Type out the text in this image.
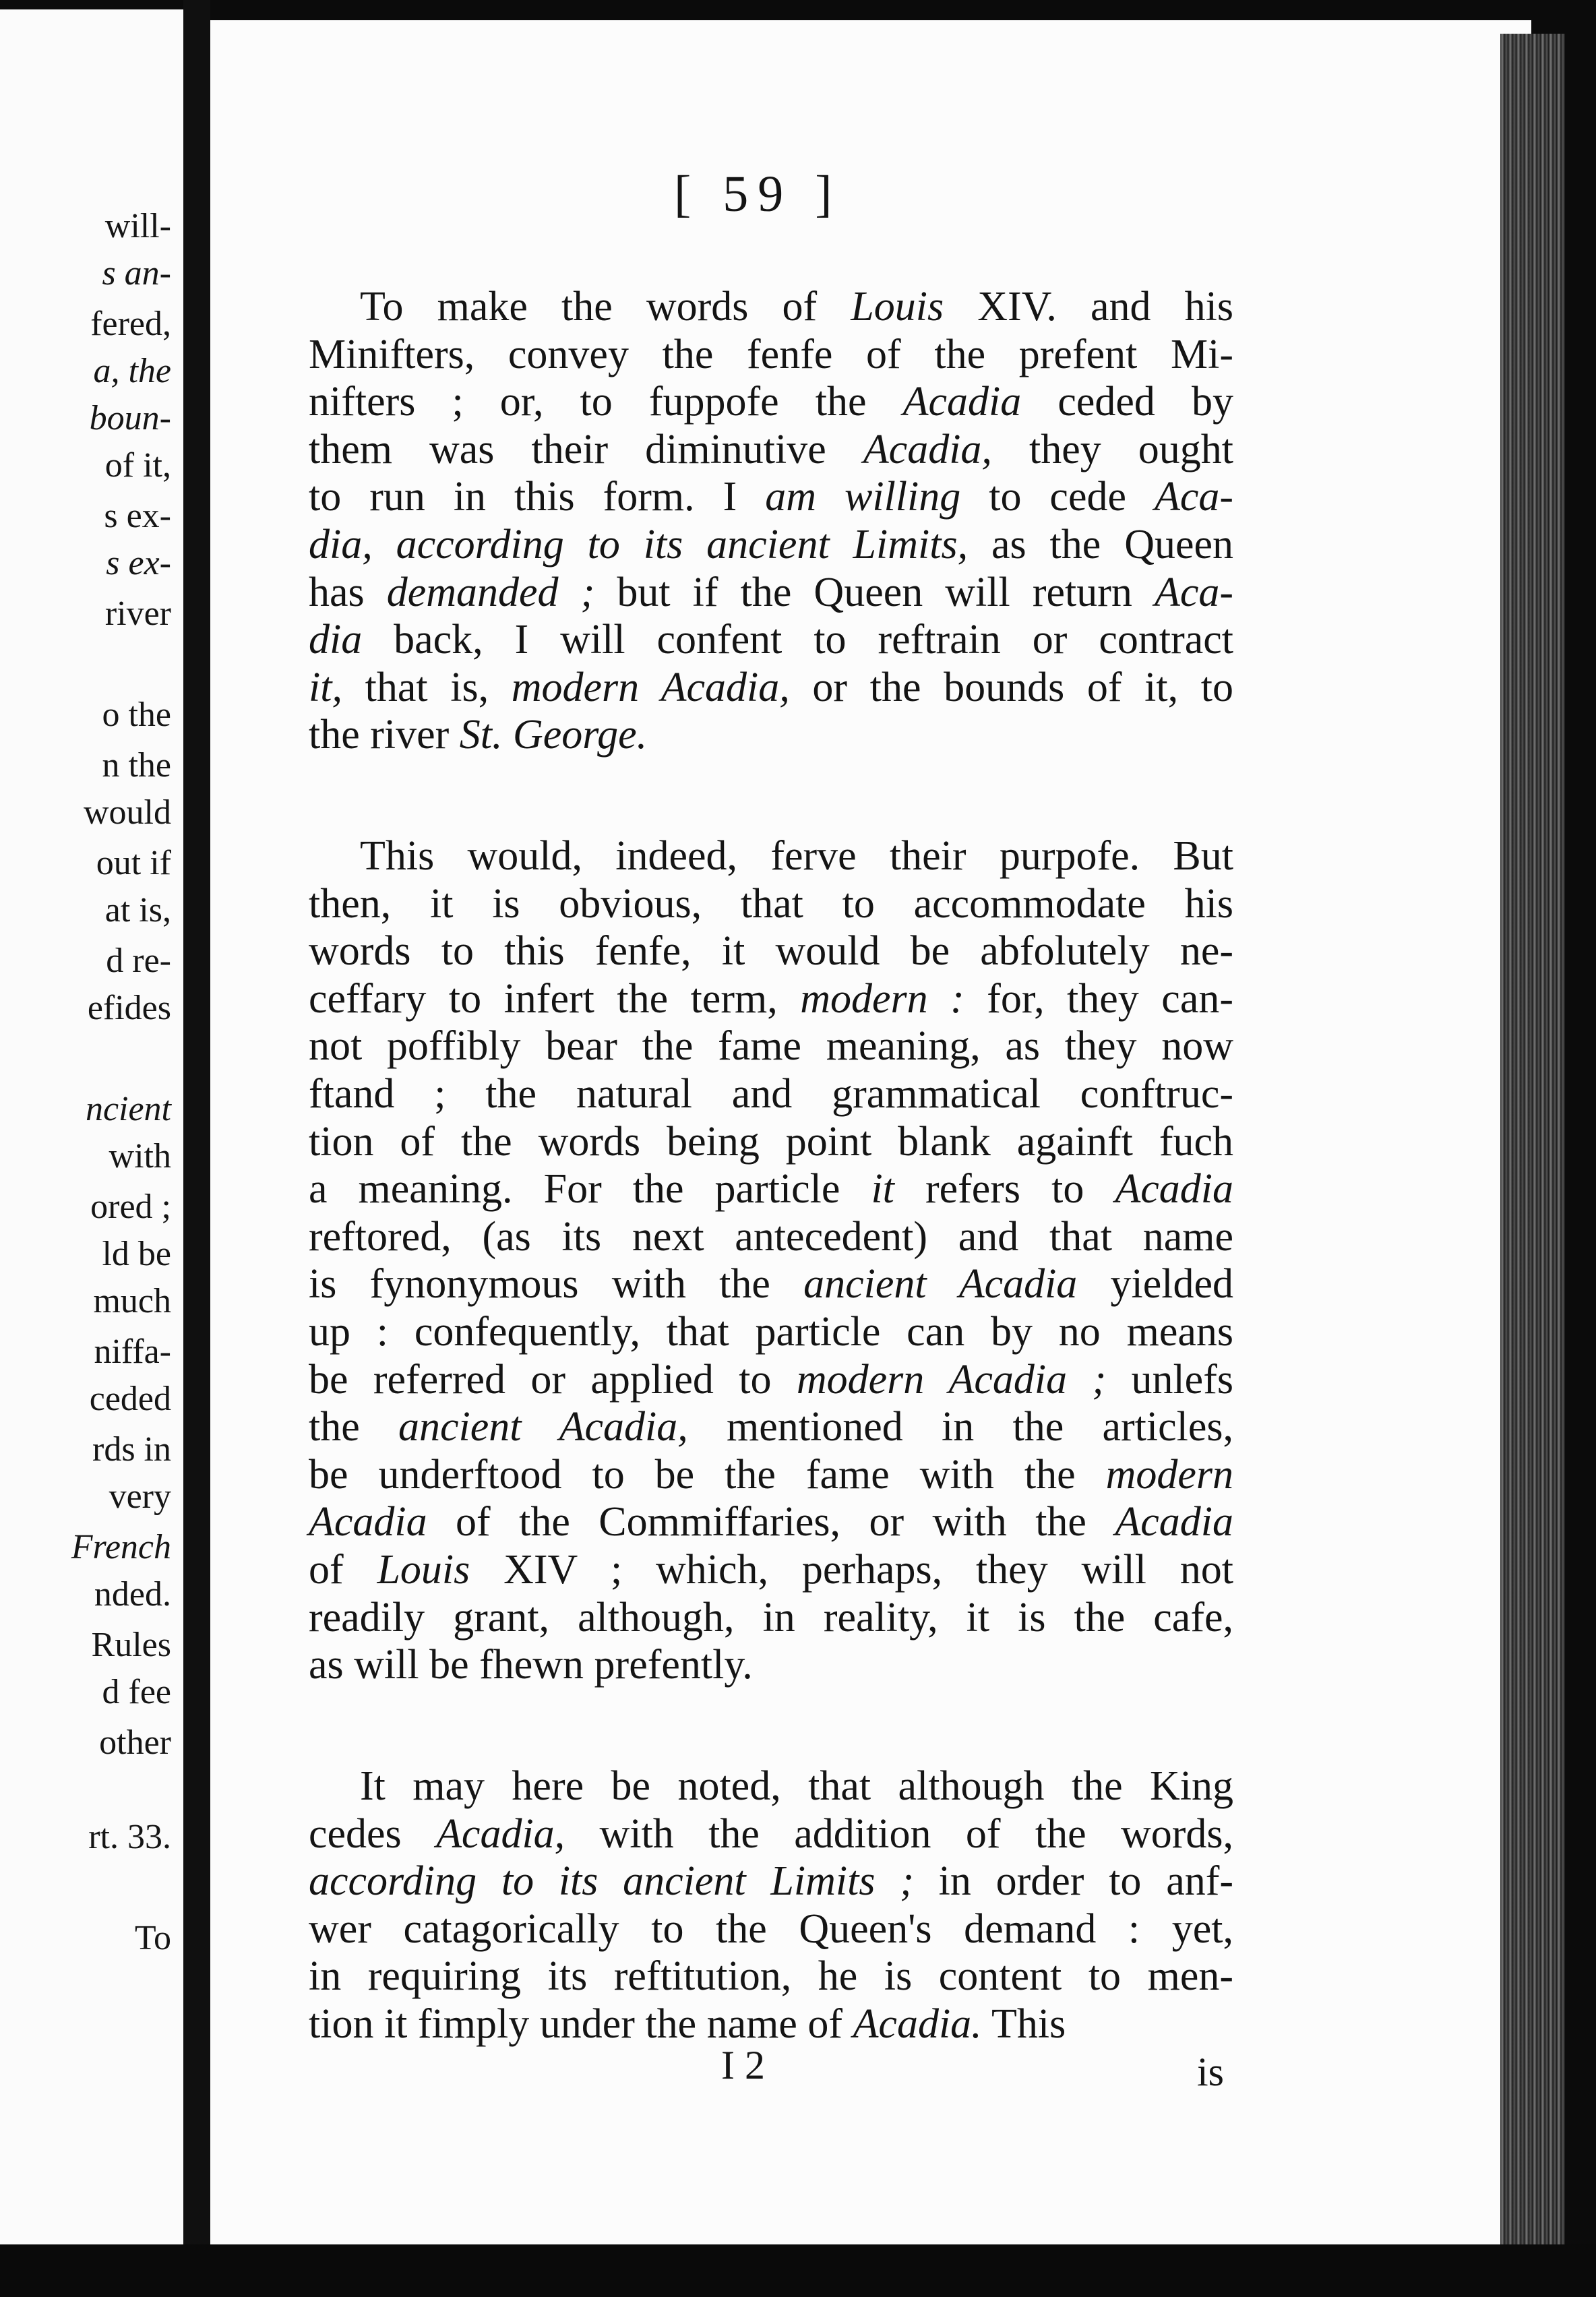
will-
s an-
fered,
a, the
boun-
of it,
s ex-
s ex-
river
o the
n the
would
out if
at is,
d re-
efides
ncient
with
ored ;
ld be
much
niffa-
ceded
rds in
very
French
nded.
Rules
d fee
other
rt. 33.
To
[ 59 ]
To make the words of Louis XIV. and his
Minifters, convey the fenfe of the prefent Mi-
nifters ; or, to fuppofe the Acadia ceded by
them was their diminutive Acadia, they ought
to run in this form. I am willing to cede Aca-
dia, according to its ancient Limits, as the Queen
has demanded ; but if the Queen will return Aca-
dia back, I will confent to reftrain or contract
it, that is, modern Acadia, or the bounds of it, to
the river St. George.
This would, indeed, ferve their purpofe. But
then, it is obvious, that to accommodate his
words to this fenfe, it would be abfolutely ne-
ceffary to infert the term, modern : for, they can-
not poffibly bear the fame meaning, as they now
ftand ; the natural and grammatical conftruc-
tion of the words being point blank againft fuch
a meaning. For the particle it refers to Acadia
reftored, (as its next antecedent) and that name
is fynonymous with the ancient Acadia yielded
up : confequently, that particle can by no means
be referred or applied to modern Acadia ; unlefs
the ancient Acadia, mentioned in the articles,
be underftood to be the fame with the modern
Acadia of the Commiffaries, or with the Acadia
of Louis XIV ; which, perhaps, they will not
readily grant, although, in reality, it is the cafe,
as will be fhewn prefently.
It may here be noted, that although the King
cedes Acadia, with the addition of the words,
according to its ancient Limits ; in order to anf-
wer catagorically to the Queen's demand : yet,
in requiring its reftitution, he is content to men-
tion it fimply under the name of Acadia. This
I 2	is
